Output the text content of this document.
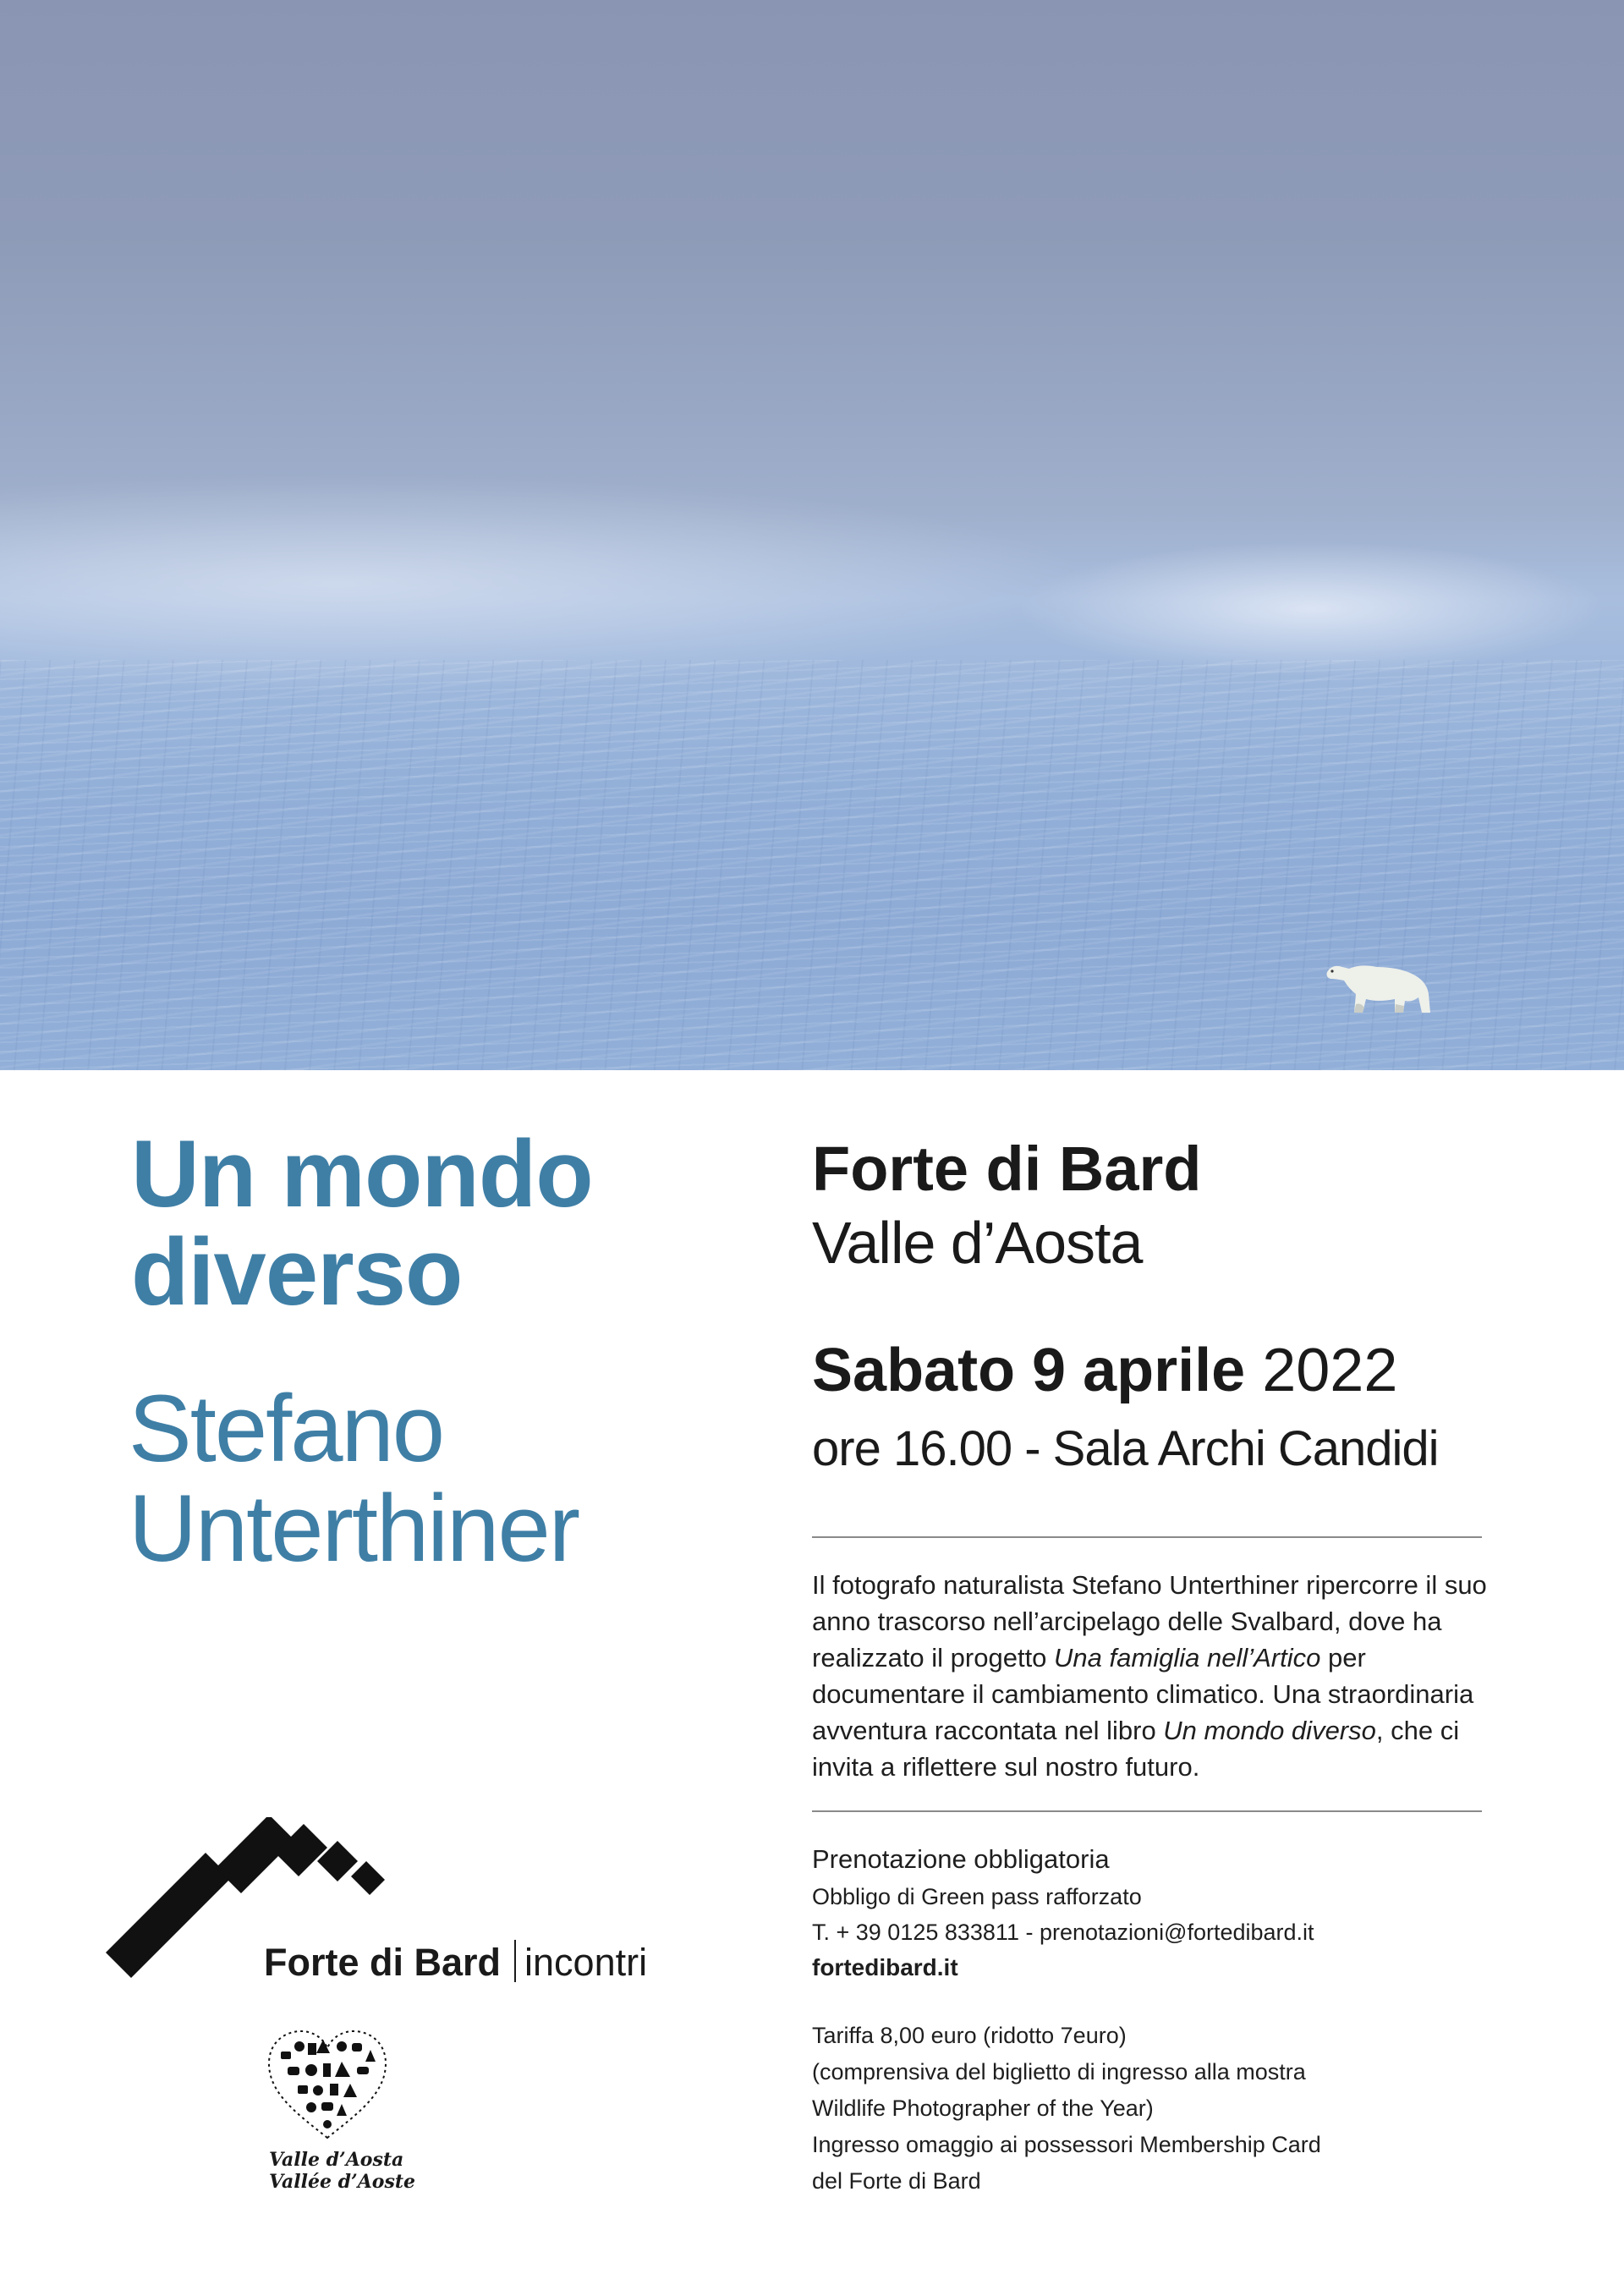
Un mondo
diverso
Stefano
Unterthiner
Forte di Bard incontri
Valle d’Aosta
Vallée d’Aoste
Forte di Bard
Valle d’Aosta
Sabato 9 aprile 2022
ore 16.00 - Sala Archi Candidi

Il fotografo naturalista Stefano Unterthiner ripercorre il suo anno trascorso nell’arcipelago delle Svalbard, dove ha realizzato il progetto Una famiglia nell’Artico per documentare il cambiamento climatico. Una straordinaria avventura raccontata nel libro Un mondo diverso, che ci invita a riflettere sul nostro futuro.

Prenotazione obbligatoria
Obbligo di Green pass rafforzato
T. + 39 0125 833811 - prenotazioni@fortedibard.it
fortedibard.it
Tariffa 8,00 euro (ridotto 7euro)
(comprensiva del biglietto di ingresso alla mostra
Wildlife Photographer of the Year)
Ingresso omaggio ai possessori Membership Card
del Forte di Bard
